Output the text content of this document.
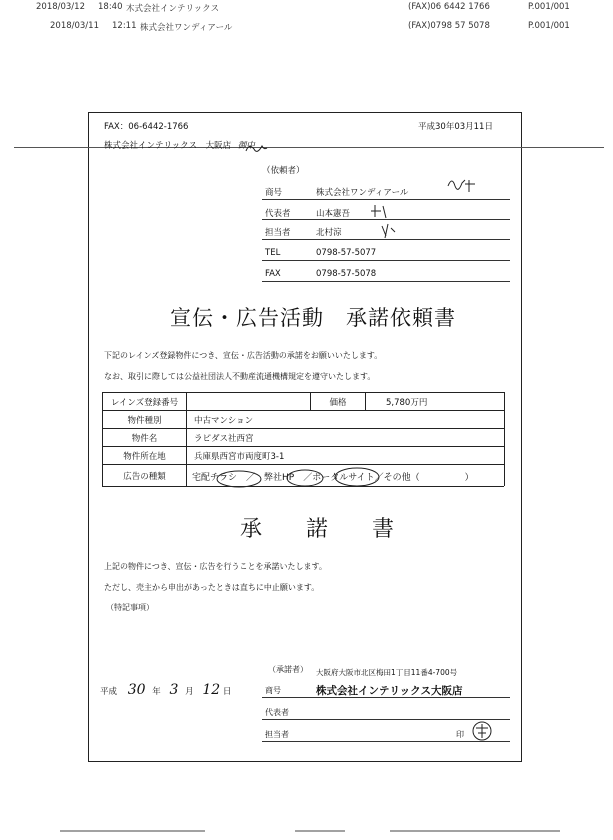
2018/03/12 18:40 木式会社インテリックス	(FAX)06 6442 1766	P.001/001
2018/03/11 12:11 株式会社ワンディアール	(FAX)0798 57 5078	P.001/001
FAX：06-6442-1766	平成30年03月11日
株式会社インテリックス　大阪店 御中
（依頼者）
商号	株式会社ワンディアール
代表者	山本憲吾
担当者	北村涼
TEL	0798-57-5077
FAX	0798-57-5078
宣伝・広告活動　承諾依頼書
下記のレインズ登録物件につき、宣伝・広告活動の承諾をお願いいたします。
なお、取引に際しては公益社団法人不動産流通機構規定を遵守いたします。
レインズ登録番号	価格	5,780万円
物件種別	中古マンション
物件名	ラピダス社西宮
物件所在地	兵庫県西宮市両度町3-1
広告の種類	宅配チラシ　／　弊社HP　／ポータルサイト／その他（　　　　　）
承　　諾　　書
上記の物件につき、宣伝・広告を行うことを承諾いたします。
ただし、売主から申出があったときは直ちに中止願います。
（特記事項）
（承諾者） 大阪府大阪市北区梅田1丁目11番4-700号
商号	株式会社インテリックス大阪店
代表者
担当者	印
平成 30 年 3 月 12 日
